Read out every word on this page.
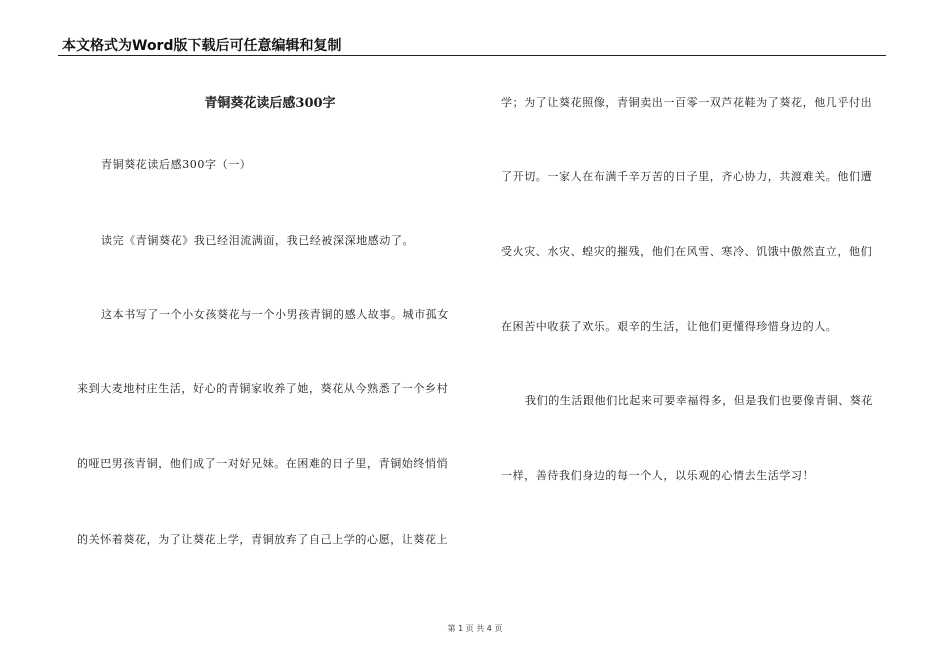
本文格式为Word版下载后可任意编辑和复制
青铜葵花读后感300字
青铜葵花读后感300字（一）
读完《青铜葵花》我已经泪流满面，我已经被深深地感动了。
这本书写了一个小女孩葵花与一个小男孩青铜的感人故事。城市孤女
来到大麦地村庄生活，好心的青铜家收养了她，葵花从今熟悉了一个乡村
的哑巴男孩青铜，他们成了一对好兄妹。在困难的日子里，青铜始终悄悄
的关怀着葵花，为了让葵花上学，青铜放弃了自己上学的心愿，让葵花上
学；为了让葵花照像，青铜卖出一百零一双芦花鞋为了葵花，他几乎付出
了开切。一家人在布满千辛万苦的日子里，齐心协力，共渡难关。他们遭
受火灾、水灾、蝗灾的摧残，他们在风雪、寒冷、饥饿中傲然直立，他们
在困苦中收获了欢乐。艰辛的生活，让他们更懂得珍惜身边的人。
我们的生活跟他们比起来可要幸福得多，但是我们也要像青铜、葵花
一样，善待我们身边的每一个人，以乐观的心情去生活学习！
第 1 页 共 4 页
